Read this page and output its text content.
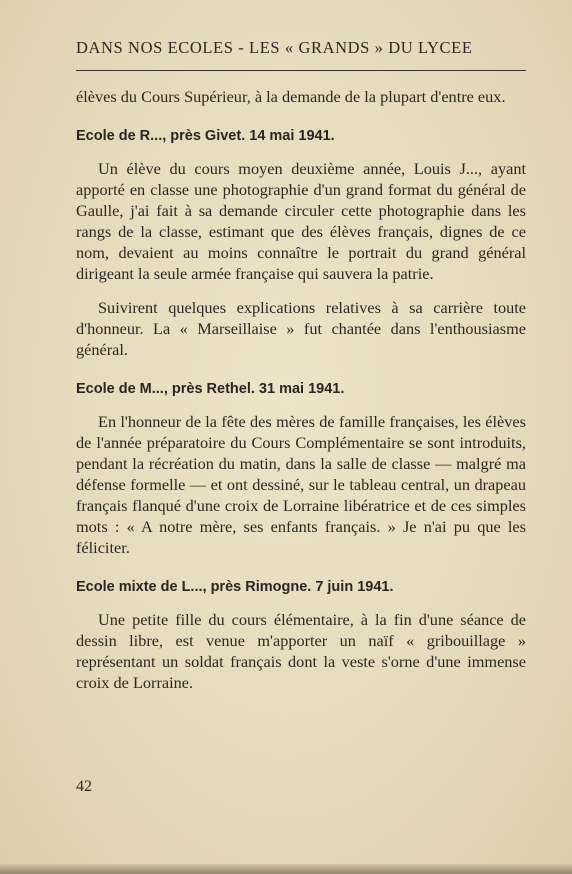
DANS NOS ECOLES - LES « GRANDS » DU LYCEE

élèves du Cours Supérieur, à la demande de la plupart d'entre eux.

Ecole de R..., près Givet. 14 mai 1941.

Un élève du cours moyen deuxième année, Louis J..., ayant apporté en classe une photographie d'un grand format du général de Gaulle, j'ai fait à sa demande circuler cette photographie dans les rangs de la classe, estimant que des élèves français, dignes de ce nom, devaient au moins connaître le portrait du grand général dirigeant la seule armée française qui sauvera la patrie.

Suivirent quelques explications relatives à sa carrière toute d'honneur. La « Marseillaise » fut chantée dans l'enthousiasme général.

Ecole de M..., près Rethel. 31 mai 1941.

En l'honneur de la fête des mères de famille françaises, les élèves de l'année préparatoire du Cours Complémentaire se sont introduits, pendant la récréation du matin, dans la salle de classe — malgré ma défense formelle — et ont dessiné, sur le tableau central, un drapeau français flanqué d'une croix de Lorraine libératrice et de ces simples mots : « A notre mère, ses enfants français. » Je n'ai pu que les féliciter.

Ecole mixte de L..., près Rimogne. 7 juin 1941.

Une petite fille du cours élémentaire, à la fin d'une séance de dessin libre, est venue m'apporter un naïf « gribouillage » représentant un soldat français dont la veste s'orne d'une immense croix de Lorraine.

42
